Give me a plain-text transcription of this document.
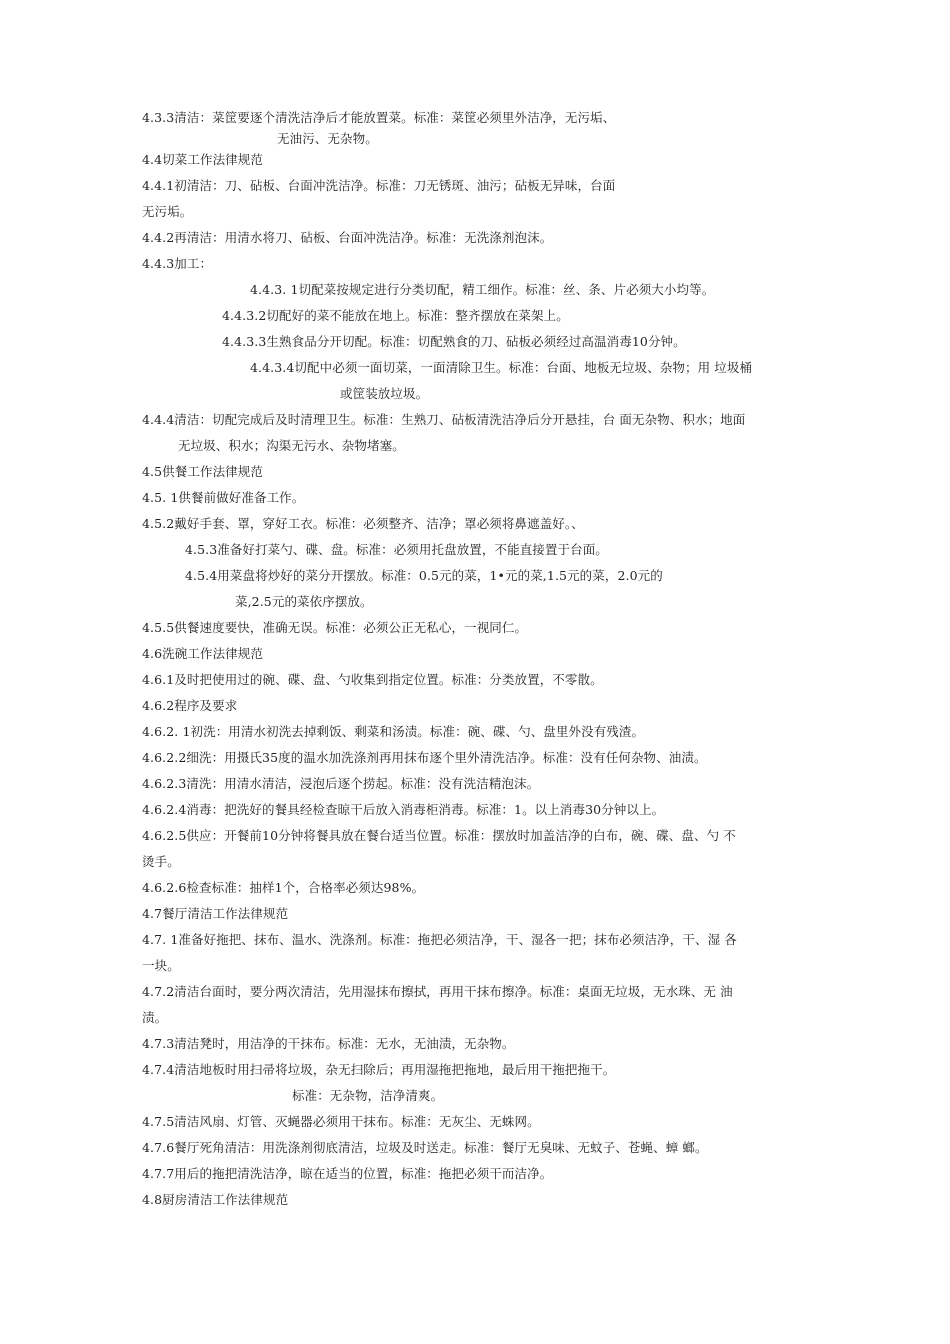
4.3.3清洁：菜筐要逐个清洗洁净后才能放置菜。标准：菜筐必须里外洁净，无污垢、
无油污、无杂物。
4.4切菜工作法律规范
4.4.1初清洁：刀、砧板、台面冲洗洁净。标准：刀无锈斑、油污；砧板无异味，台面
无污垢。
4.4.2再清洁：用清水将刀、砧板、台面冲洗洁净。标准：无洗涤剂泡沫。
4.4.3加工：
4.4.3. 1切配菜按规定进行分类切配，精工细作。标准：丝、条、片必须大小均等。
4.4.3.2切配好的菜不能放在地上。标准：整齐摆放在菜架上。
4.4.3.3生熟食品分开切配。标准：切配熟食的刀、砧板必须经过高温消毒10分钟。
4.4.3.4切配中必须一面切菜，一面清除卫生。标准：台面、地板无垃圾、杂物；用 垃圾桶
或筐装放垃圾。
4.4.4清洁：切配完成后及时清理卫生。标准：生熟刀、砧板清洗洁净后分开悬挂，台 面无杂物、积水；地面
无垃圾、积水；沟渠无污水、杂物堵塞。
4.5供餐工作法律规范
4.5. 1供餐前做好准备工作。
4.5.2戴好手套、罩，穿好工衣。标准：必须整齐、洁净；罩必须将鼻遮盖好。、
4.5.3准备好打菜勺、碟、盘。标准：必须用托盘放置，不能直接置于台面。
4.5.4用菜盘将炒好的菜分开摆放。标准：0.5元的菜，1•元的菜,1.5元的菜，2.0元的
菜,2.5元的菜依序摆放。
4.5.5供餐速度要快，准确无误。标准：必须公正无私心，一视同仁。
4.6洗碗工作法律规范
4.6.1及时把使用过的碗、碟、盘、勺收集到指定位置。标准：分类放置，不零散。
4.6.2程序及要求
4.6.2. 1初洗：用清水初洗去掉剩饭、剩菜和汤渍。标准：碗、碟、勺、盘里外没有残渣。
4.6.2.2细洗：用摄氏35度的温水加洗涤剂再用抹布逐个里外清洗洁净。标准：没有任何杂物、油渍。
4.6.2.3清洗：用清水清洁，浸泡后逐个捞起。标准：没有洗洁精泡沫。
4.6.2.4消毒：把洗好的餐具经检查晾干后放入消毒柜消毒。标准：1。以上消毒30分钟以上。
4.6.2.5供应：开餐前10分钟将餐具放在餐台适当位置。标准：摆放时加盖洁净的白布，碗、碟、盘、勺 不
烫手。
4.6.2.6检查标准：抽样1个，合格率必须达98%。
4.7餐厅清洁工作法律规范
4.7. 1准备好拖把、抹布、温水、洗涤剂。标准：拖把必须洁净，干、湿各一把；抹布必须洁净，干、湿 各
一块。
4.7.2清洁台面时，要分两次清洁，先用湿抹布擦拭，再用干抹布擦净。标准：桌面无垃圾，无水珠、无 油
渍。
4.7.3清洁凳时，用洁净的干抹布。标准：无水，无油渍，无杂物。
4.7.4清洁地板时用扫帚将垃圾，杂无扫除后；再用湿拖把拖地，最后用干拖把拖干。
标准：无杂物，洁净清爽。
4.7.5清洁风扇、灯管、灭蝇器必须用干抹布。标准：无灰尘、无蛛网。
4.7.6餐厅死角清洁：用洗涤剂彻底清洁，垃圾及时送走。标准：餐厅无臭味、无蚊子、苍蝇、蟑 螂。
4.7.7用后的拖把清洗洁净，晾在适当的位置，标准：拖把必须干而洁净。
4.8厨房清洁工作法律规范
